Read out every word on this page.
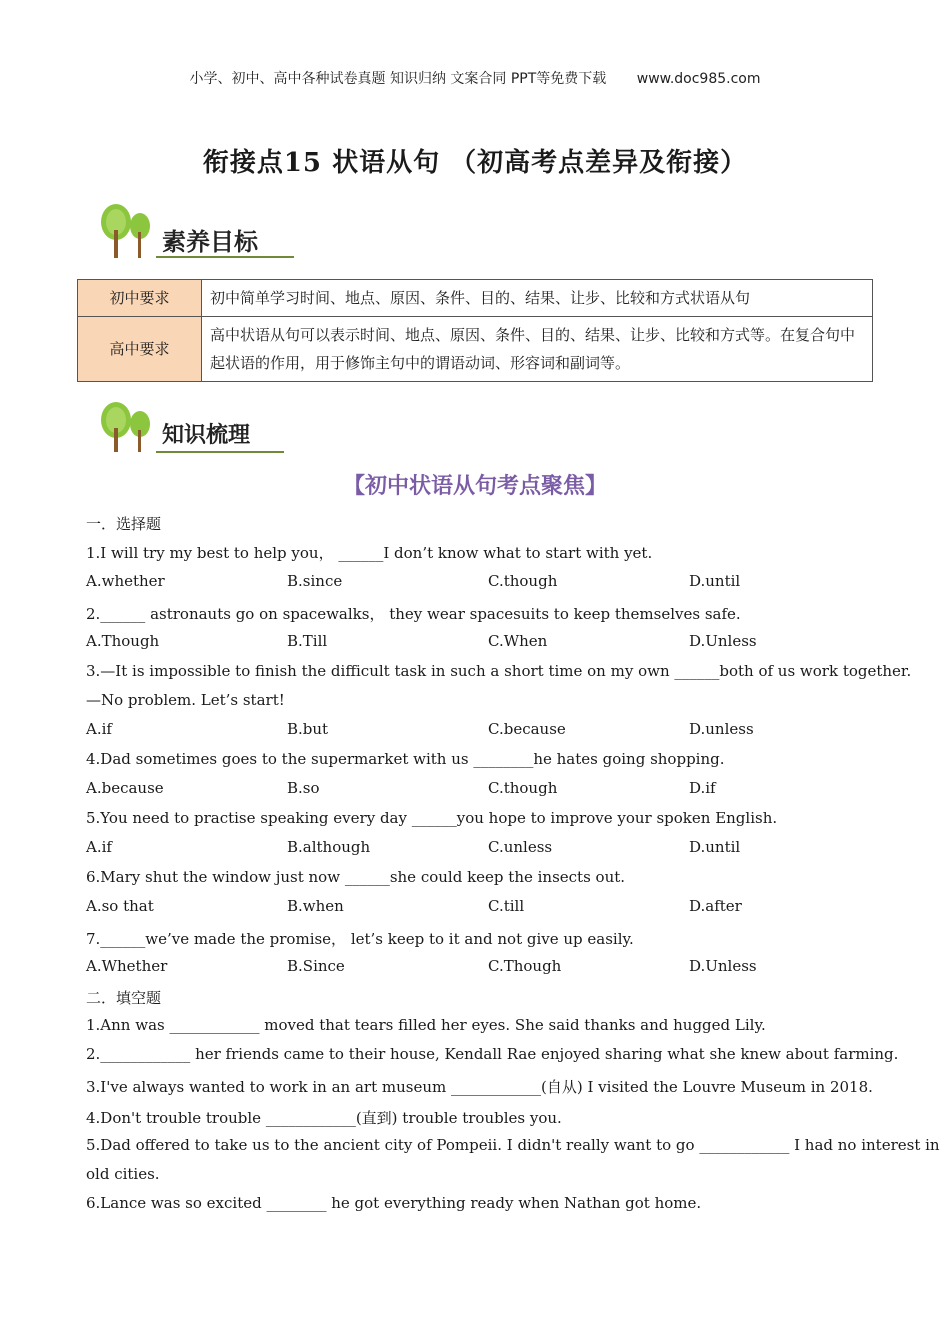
小学、初中、高中各种试卷真题 知识归纳 文案合同 PPT等免费下载 www.doc985.com
衔接点15 状语从句 （初高考点差异及衔接）
素养目标
初中要求	初中简单学习时间、地点、原因、条件、目的、结果、让步、比较和方式状语从句
高中要求	高中状语从句可以表示时间、地点、原因、条件、目的、结果、让步、比较和方式等。在复合句中起状语的作用，用于修饰主句中的谓语动词、形容词和副词等。
知识梳理
【初中状语从句考点聚焦】
一．选择题
1.I will try my best to help you， ______I don’t know what to start with yet.
A.whether	B.since	C.though	D.until
2.______ astronauts go on spacewalks， they wear spacesuits to keep themselves safe.
A.Though	B.Till	C.When	D.Unless
3.—It is impossible to finish the difficult task in such a short time on my own ______both of us work together.
—No problem. Let’s start!
A.if	B.but	C.because	D.unless
4.Dad sometimes goes to the supermarket with us ________he hates going shopping.
A.because	B.so	C.though	D.if
5.You need to practise speaking every day ______you hope to improve your spoken English.
A.if	B.although	C.unless	D.until
6.Mary shut the window just now ______she could keep the insects out.
A.so that	B.when	C.till	D.after
7.______we’ve made the promise， let’s keep to it and not give up easily.
A.Whether	B.Since	C.Though	D.Unless
二．填空题
1.Ann was ____________ moved that tears filled her eyes. She said thanks and hugged Lily.
2.____________ her friends came to their house, Kendall Rae enjoyed sharing what she knew about farming.
3.I've always wanted to work in an art museum ____________(自从) I visited the Louvre Museum in 2018.
4.Don't trouble trouble ____________(直到) trouble troubles you.
5.Dad offered to take us to the ancient city of Pompeii. I didn't really want to go ____________ I had no interest in
old cities.
6.Lance was so excited ________ he got everything ready when Nathan got home.
